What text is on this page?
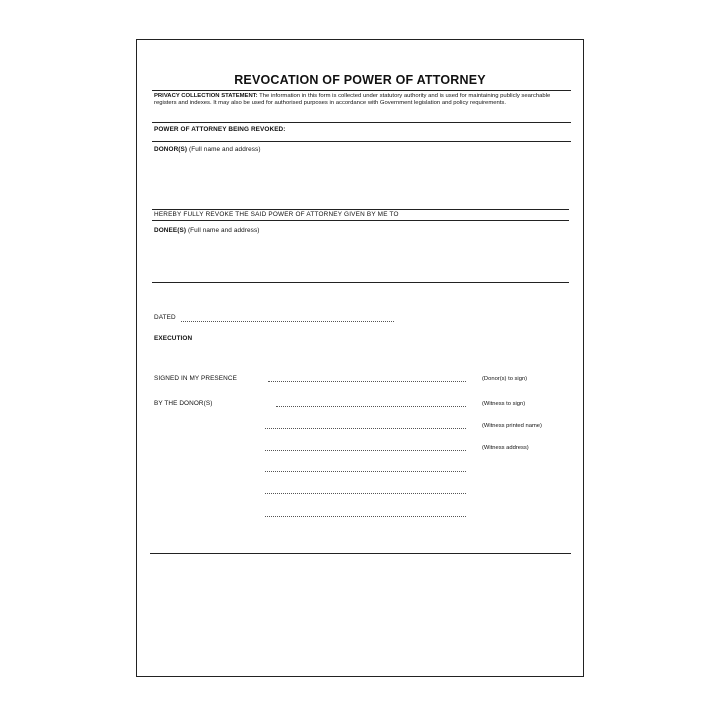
REVOCATION OF POWER OF ATTORNEY
PRIVACY COLLECTION STATEMENT: The information in this form is collected under statutory authority and is used for maintaining publicly searchable registers and indexes. It may also be used for authorised purposes in accordance with Government legislation and policy requirements.
POWER OF ATTORNEY BEING REVOKED:
DONOR(S) (Full name and address)
HEREBY FULLY REVOKE THE SAID POWER OF ATTORNEY GIVEN BY ME TO
DONEE(S) (Full name and address)
DATED
EXECUTION
SIGNED IN MY PRESENCE	(Donor(s) to sign)
BY THE DONOR(S)	(Witness to sign)
(Witness printed name)
(Witness address)
